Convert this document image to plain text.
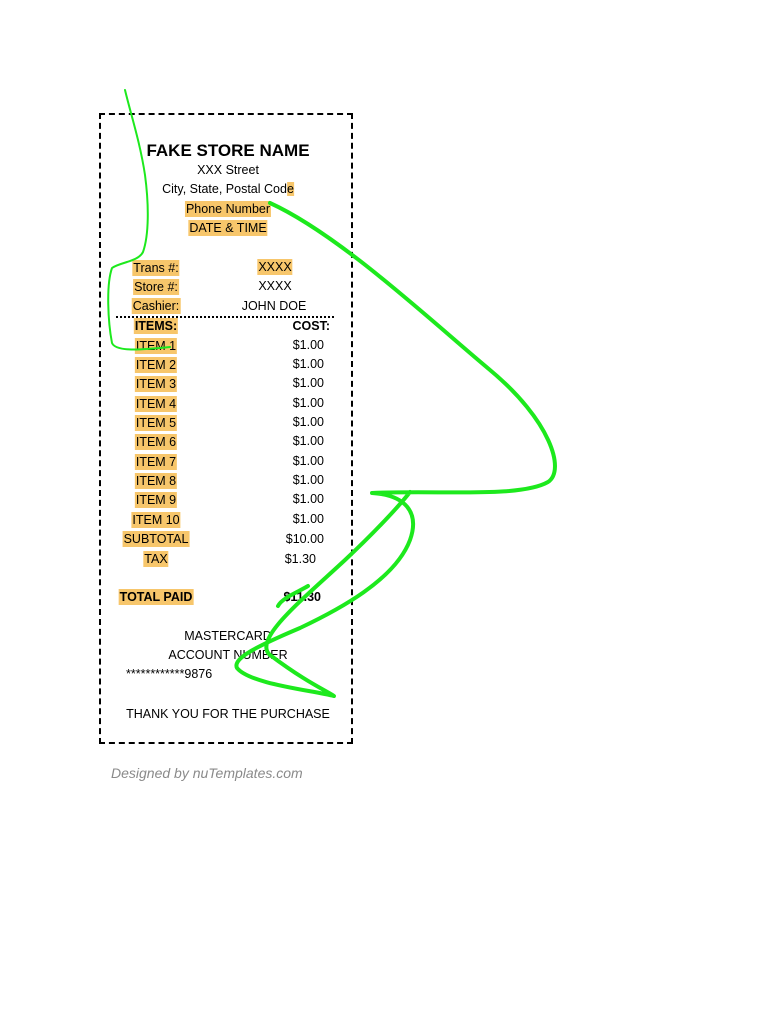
FAKE STORE NAME
XXX Street
City, State, Postal Code
Phone Number
DATE & TIME
Trans #:	XXXX
Store #:	XXXX
Cashier:	JOHN DOE
ITEMS:	COST:
ITEM 1	$1.00
ITEM 2	$1.00
ITEM 3	$1.00
ITEM 4	$1.00
ITEM 5	$1.00
ITEM 6	$1.00
ITEM 7	$1.00
ITEM 8	$1.00
ITEM 9	$1.00
ITEM 10	$1.00
SUBTOTAL	$10.00
TAX	$1.30
TOTAL PAID	$11.30
MASTERCARD
ACCOUNT NUMBER
************9876
THANK YOU FOR THE PURCHASE
Designed by nuTemplates.com
